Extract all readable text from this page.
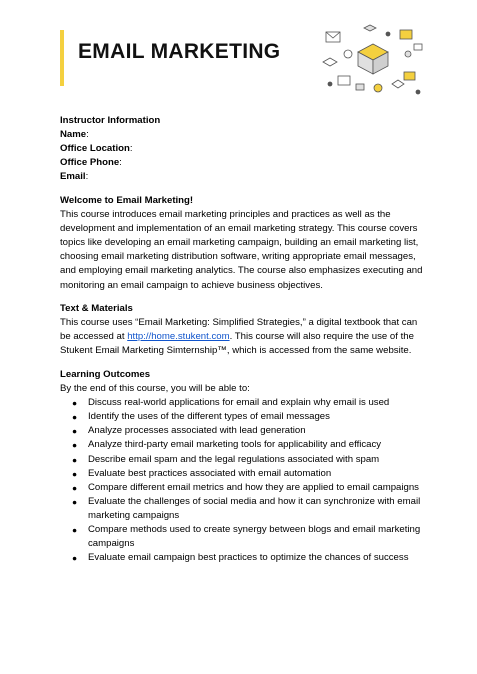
EMAIL MARKETING

Instructor Information

Name:
Office Location:
Office Phone:
Email:

Welcome to Email Marketing!

This course introduces email marketing principles and practices as well as the development and implementation of an email marketing strategy. This course covers topics like developing an email marketing campaign, building an email marketing list, choosing email marketing distribution software, writing appropriate email messages, and employing email marketing analytics. The course also emphasizes executing and monitoring an email campaign to achieve business objectives.

Text & Materials

This course uses “Email Marketing: Simplified Strategies,” a digital textbook that can be accessed at http://home.stukent.com. This course will also require the use of the Stukent Email Marketing Simternship™, which is accessed from the same website.

Learning Outcomes

By the end of this course, you will be able to:

● Discuss real-world applications for email and explain why email is used
● Identify the uses of the different types of email messages
● Analyze processes associated with lead generation
● Analyze third-party email marketing tools for applicability and efficacy
● Describe email spam and the legal regulations associated with spam
● Evaluate best practices associated with email automation
● Compare different email metrics and how they are applied to email campaigns
● Evaluate the challenges of social media and how it can synchronize with email marketing campaigns
● Compare methods used to create synergy between blogs and email marketing campaigns
● Evaluate email campaign best practices to optimize the chances of success
